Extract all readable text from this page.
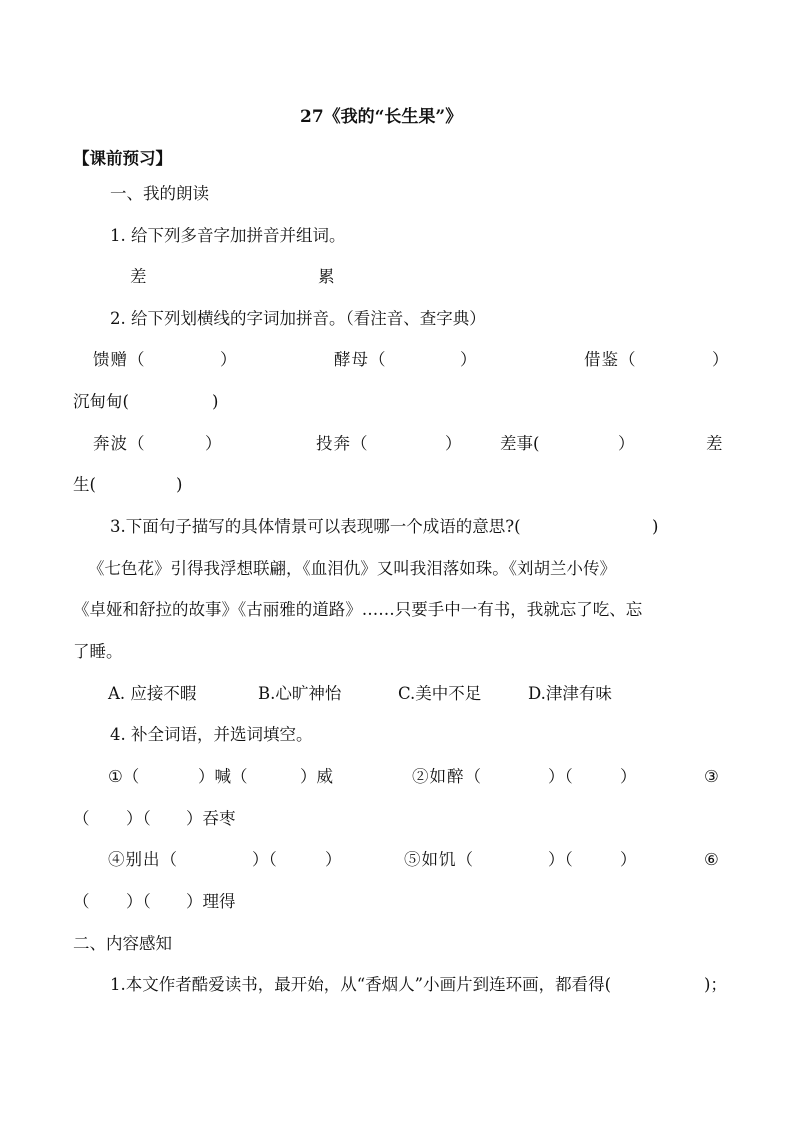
27《我的“长生果”》
【课前预习】
一、我的朗读
1. 给下列多音字加拼音并组词。
差	累
2. 给下列划横线的字词加拼音。（看注音、查字典）
馈赠（	）	酵母（	）	借鉴（	）
沉甸甸(	)
奔波（	）	投奔（	） 差事(	）	差
生(	)
3.下面句子描写的具体情景可以表现哪一个成语的意思?(	)
《七色花》引得我浮想联翩，《血泪仇》又叫我泪落如珠。《刘胡兰小传》
《卓娅和舒拉的故事》《古丽雅的道路》……只要手中一有书，我就忘了吃、忘
了睡。
A. 应接不暇	B.心旷神怡	C.美中不足	D.津津有味
4. 补全词语，并选词填空。
①（	）喊（	）威	②如醉（	）（	）	③
（ ）（ ）吞枣
④别出（	）（	）	⑤如饥（	）（	）	⑥
（ ）（ ）理得
二、内容感知
1.本文作者酷爱读书，最开始，从“香烟人”小画片到连环画，都看得(	)；
